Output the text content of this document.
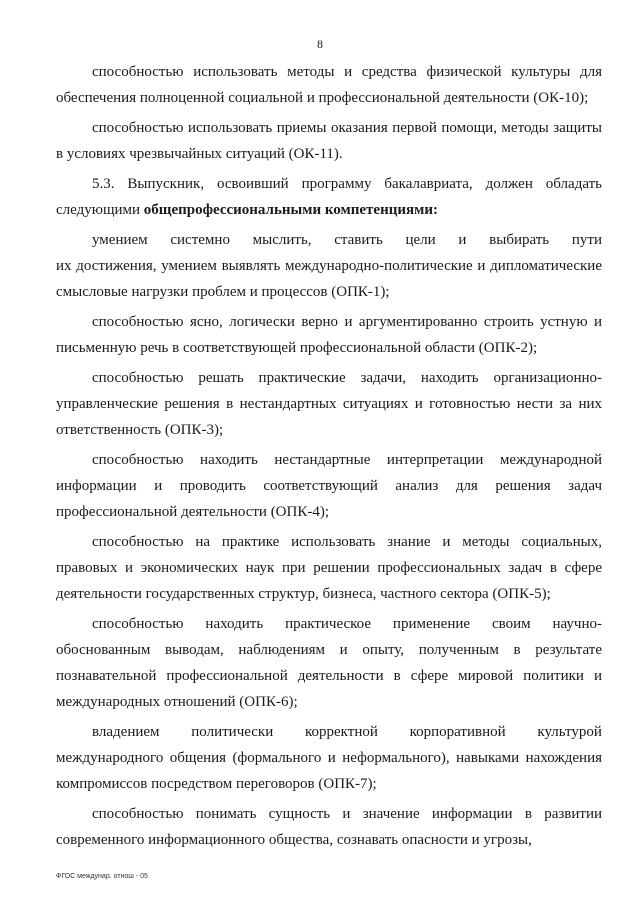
8

способностью использовать методы и средства физической культуры для обеспечения полноценной социальной и профессиональной деятельности (ОК-10);

способностью использовать приемы оказания первой помощи, методы защиты в условиях чрезвычайных ситуаций (ОК-11).

5.3. Выпускник, освоивший программу бакалавриата, должен обладать следующими общепрофессиональными компетенциями:

умением системно мыслить, ставить цели и выбирать пути

их достижения, умением выявлять международно-политические и дипломатические смысловые нагрузки проблем и процессов (ОПК-1);

способностью ясно, логически верно и аргументированно строить устную и письменную речь в соответствующей профессиональной области (ОПК-2);

способностью решать практические задачи, находить организационно-управленческие решения в нестандартных ситуациях и готовностью нести за них ответственность (ОПК-3);

способностью находить нестандартные интерпретации международной информации и проводить соответствующий анализ для решения задач профессиональной деятельности (ОПК-4);

способностью на практике использовать знание и методы социальных, правовых и экономических наук при решении профессиональных задач в сфере деятельности государственных структур, бизнеса, частного сектора (ОПК-5);

способностью находить практическое применение своим научно-обоснованным выводам, наблюдениям и опыту, полученным в результате познавательной профессиональной деятельности в сфере мировой политики и международных отношений (ОПК-6);

владением политически корректной корпоративной культурой

международного общения (формального и неформального), навыками нахождения компромиссов посредством переговоров (ОПК-7);

способностью понимать сущность и значение информации в развитии современного информационного общества, сознавать опасности и угрозы,

ФГОС междунар. отнош - 05
